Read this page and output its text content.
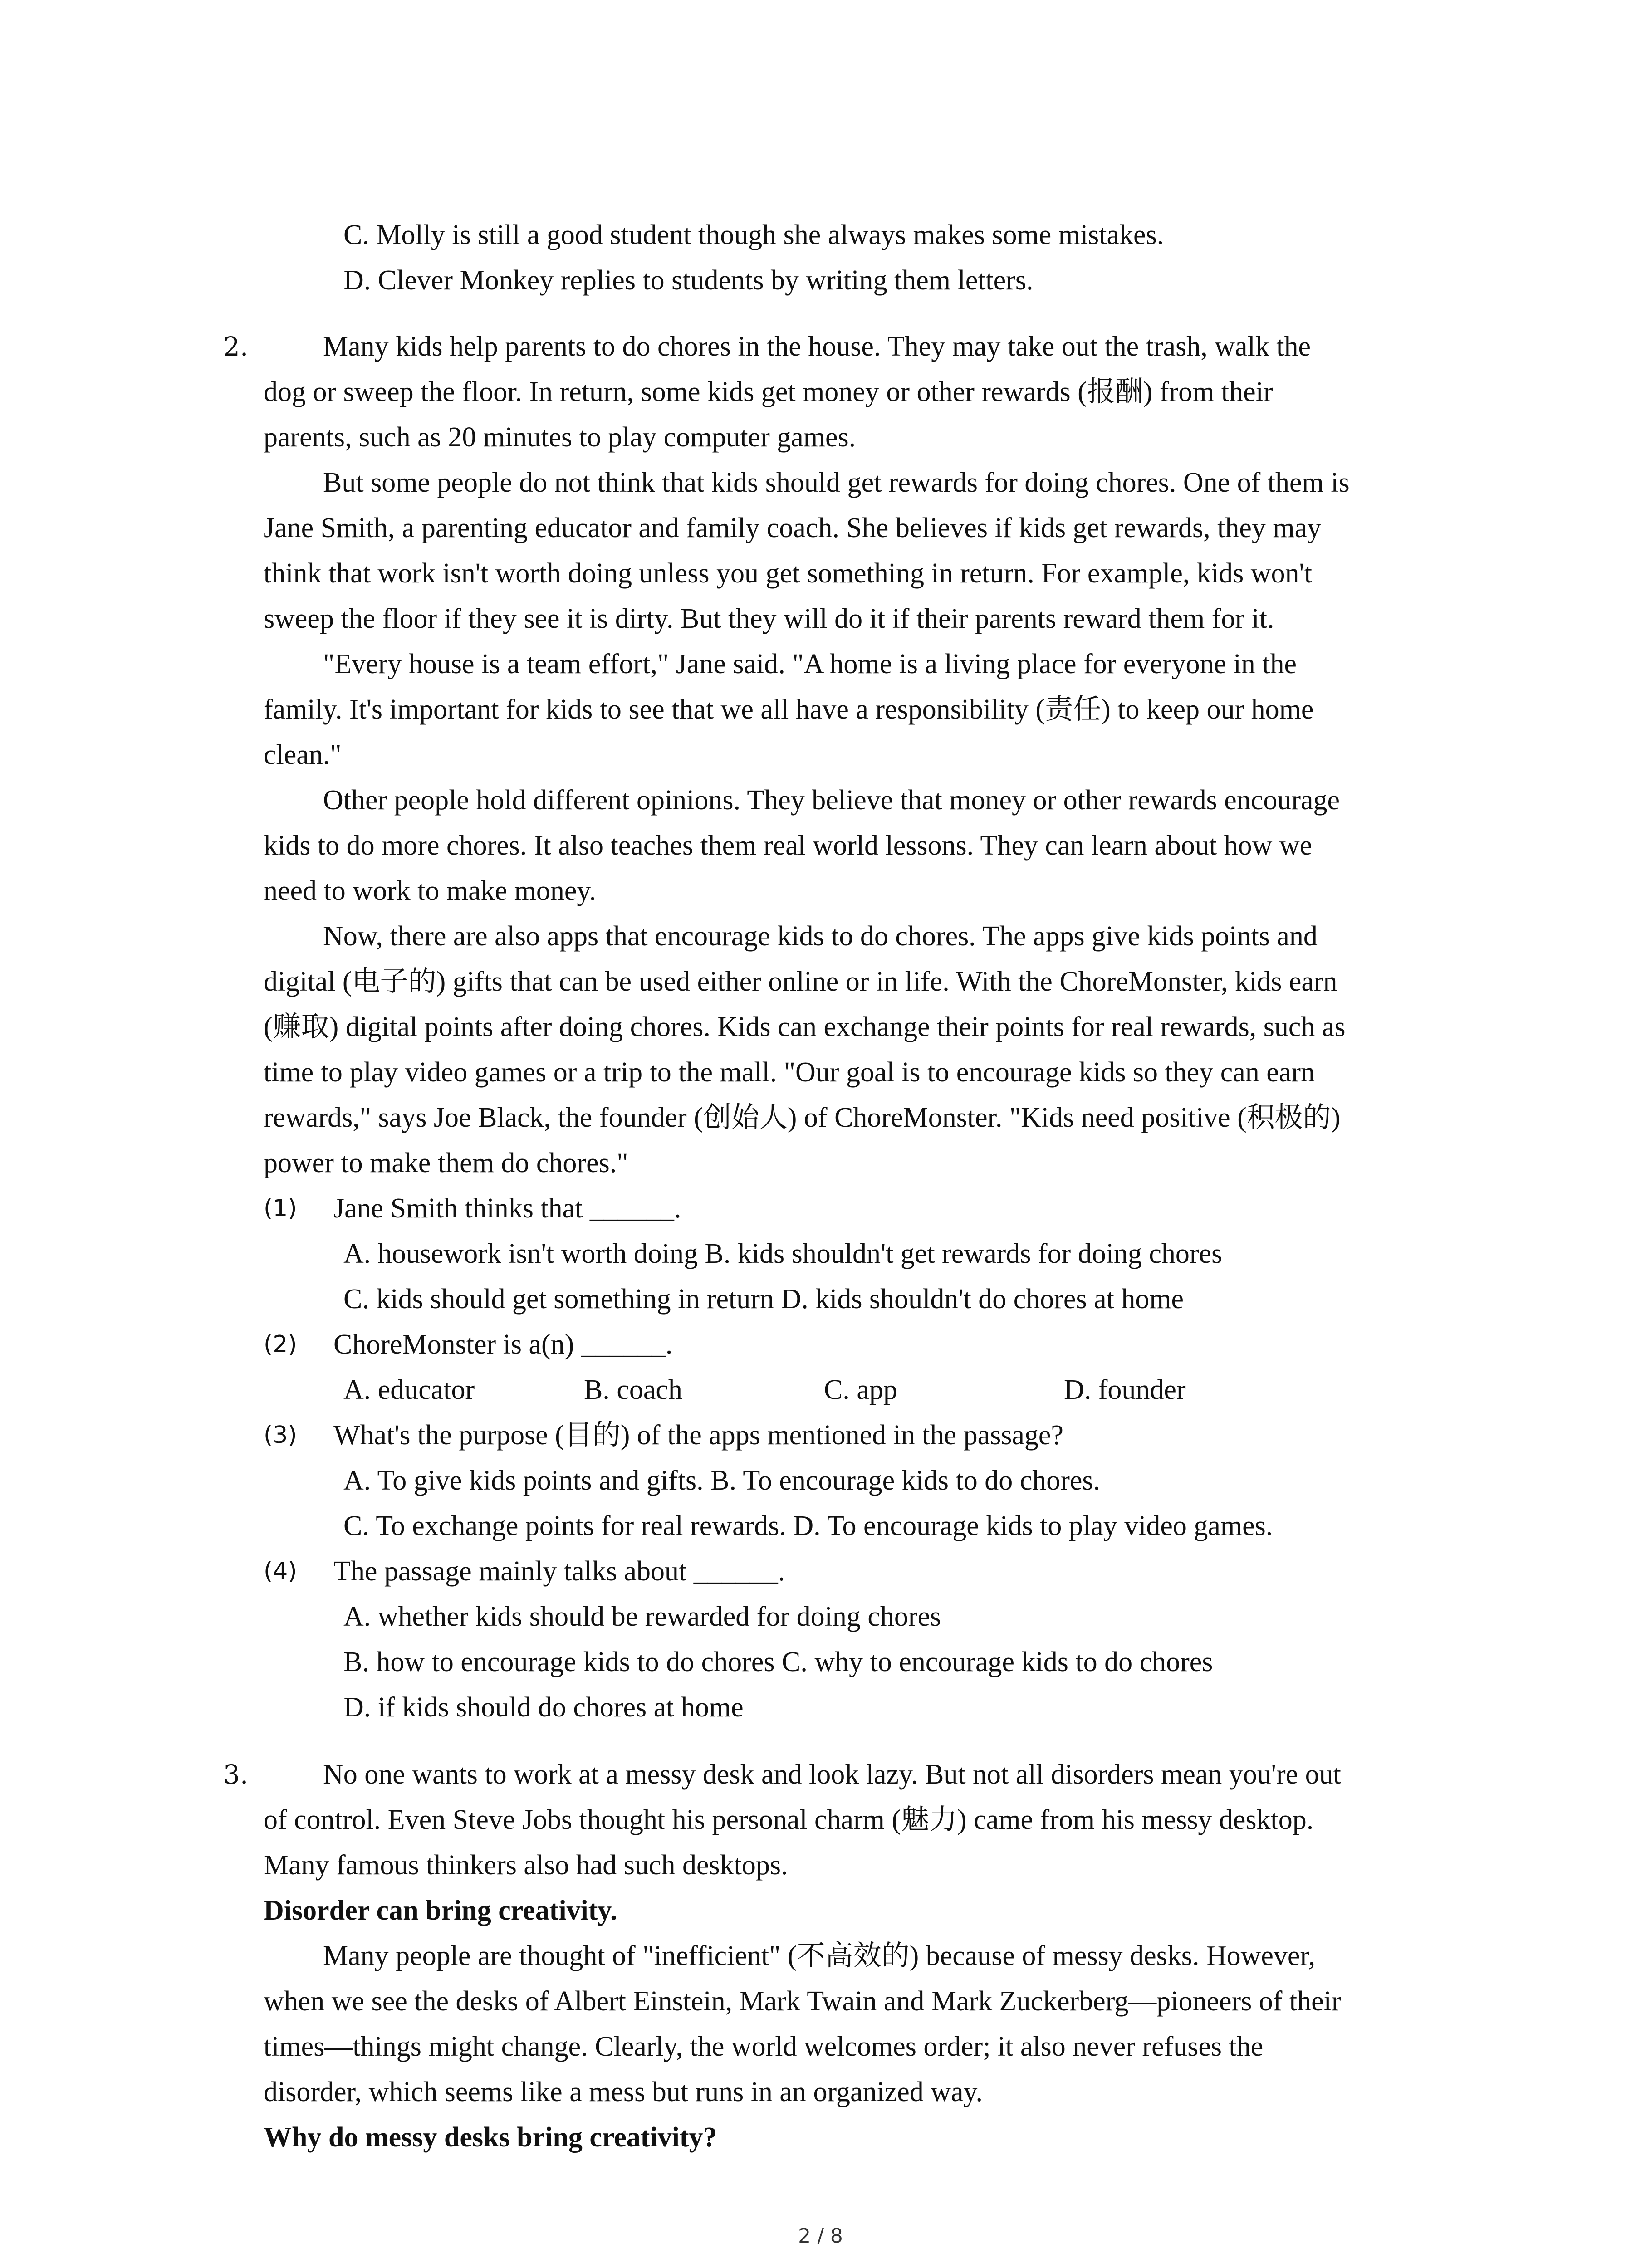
C. Molly is still a good student though she always makes some mistakes.
D. Clever Monkey replies to students by writing them letters.
2.	Many kids help parents to do chores in the house. They may take out the trash, walk the
dog or sweep the floor. In return, some kids get money or other rewards (报酬) from their
parents, such as 20 minutes to play computer games.
But some people do not think that kids should get rewards for doing chores. One of them is
Jane Smith, a parenting educator and family coach. She believes if kids get rewards, they may
think that work isn't worth doing unless you get something in return. For example, kids won't
sweep the floor if they see it is dirty. But they will do it if their parents reward them for it.
"Every house is a team effort," Jane said. "A home is a living place for everyone in the
family. It's important for kids to see that we all have a responsibility (责任) to keep our home
clean."
Other people hold different opinions. They believe that money or other rewards encourage
kids to do more chores. It also teaches them real world lessons. They can learn about how we
need to work to make money.
Now, there are also apps that encourage kids to do chores. The apps give kids points and
digital (电子的) gifts that can be used either online or in life. With the ChoreMonster, kids earn
(赚取) digital points after doing chores. Kids can exchange their points for real rewards, such as
time to play video games or a trip to the mall. "Our goal is to encourage kids so they can earn
rewards," says Joe Black, the founder (创始人) of ChoreMonster. "Kids need positive (积极的)
power to make them do chores."
(1) Jane Smith thinks that ______.
A. housework isn't worth doing B. kids shouldn't get rewards for doing chores
C. kids should get something in return D. kids shouldn't do chores at home
(2) ChoreMonster is a(n) ______.
A. educator	B. coach	C. app	D. founder
(3) What's the purpose (目的) of the apps mentioned in the passage?
A. To give kids points and gifts. B. To encourage kids to do chores.
C. To exchange points for real rewards. D. To encourage kids to play video games.
(4) The passage mainly talks about ______.
A. whether kids should be rewarded for doing chores
B. how to encourage kids to do chores C. why to encourage kids to do chores
D. if kids should do chores at home
3.	No one wants to work at a messy desk and look lazy. But not all disorders mean you're out
of control. Even Steve Jobs thought his personal charm (魅力) came from his messy desktop.
Many famous thinkers also had such desktops.
Disorder can bring creativity.
Many people are thought of "inefficient" (不高效的) because of messy desks. However,
when we see the desks of Albert Einstein, Mark Twain and Mark Zuckerberg—pioneers of their
times—things might change. Clearly, the world welcomes order; it also never refuses the
disorder, which seems like a mess but runs in an organized way.
Why do messy desks bring creativity?
2 / 8
